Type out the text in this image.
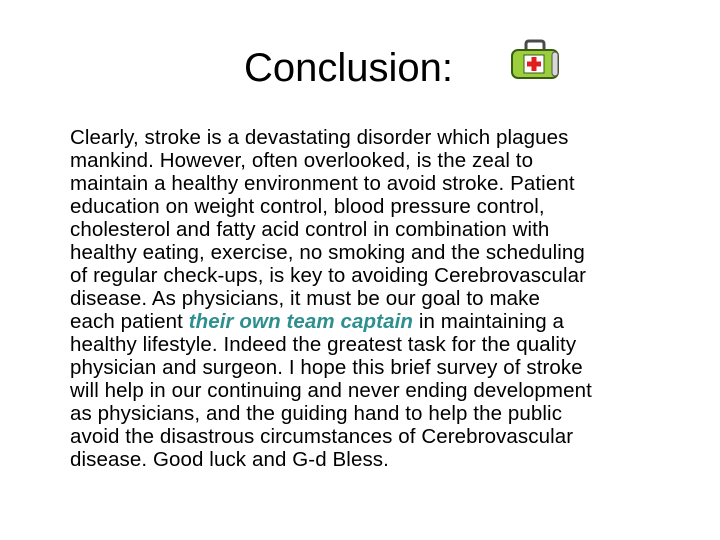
Conclusion:
Clearly, stroke is a devastating disorder which plagues
mankind. However, often overlooked, is the zeal to
maintain a healthy environment to avoid stroke. Patient
education on weight control, blood pressure control,
cholesterol and fatty acid control in combination with
healthy eating, exercise, no smoking and the scheduling
of regular check-ups, is key to avoiding Cerebrovascular
disease. As physicians, it must be our goal to make
each patient their own team captain in maintaining a
healthy lifestyle. Indeed the greatest task for the quality
physician and surgeon. I hope this brief survey of stroke
will help in our continuing and never ending development
as physicians, and the guiding hand to help the public
avoid the disastrous circumstances of Cerebrovascular
disease. Good luck and G-d Bless.
